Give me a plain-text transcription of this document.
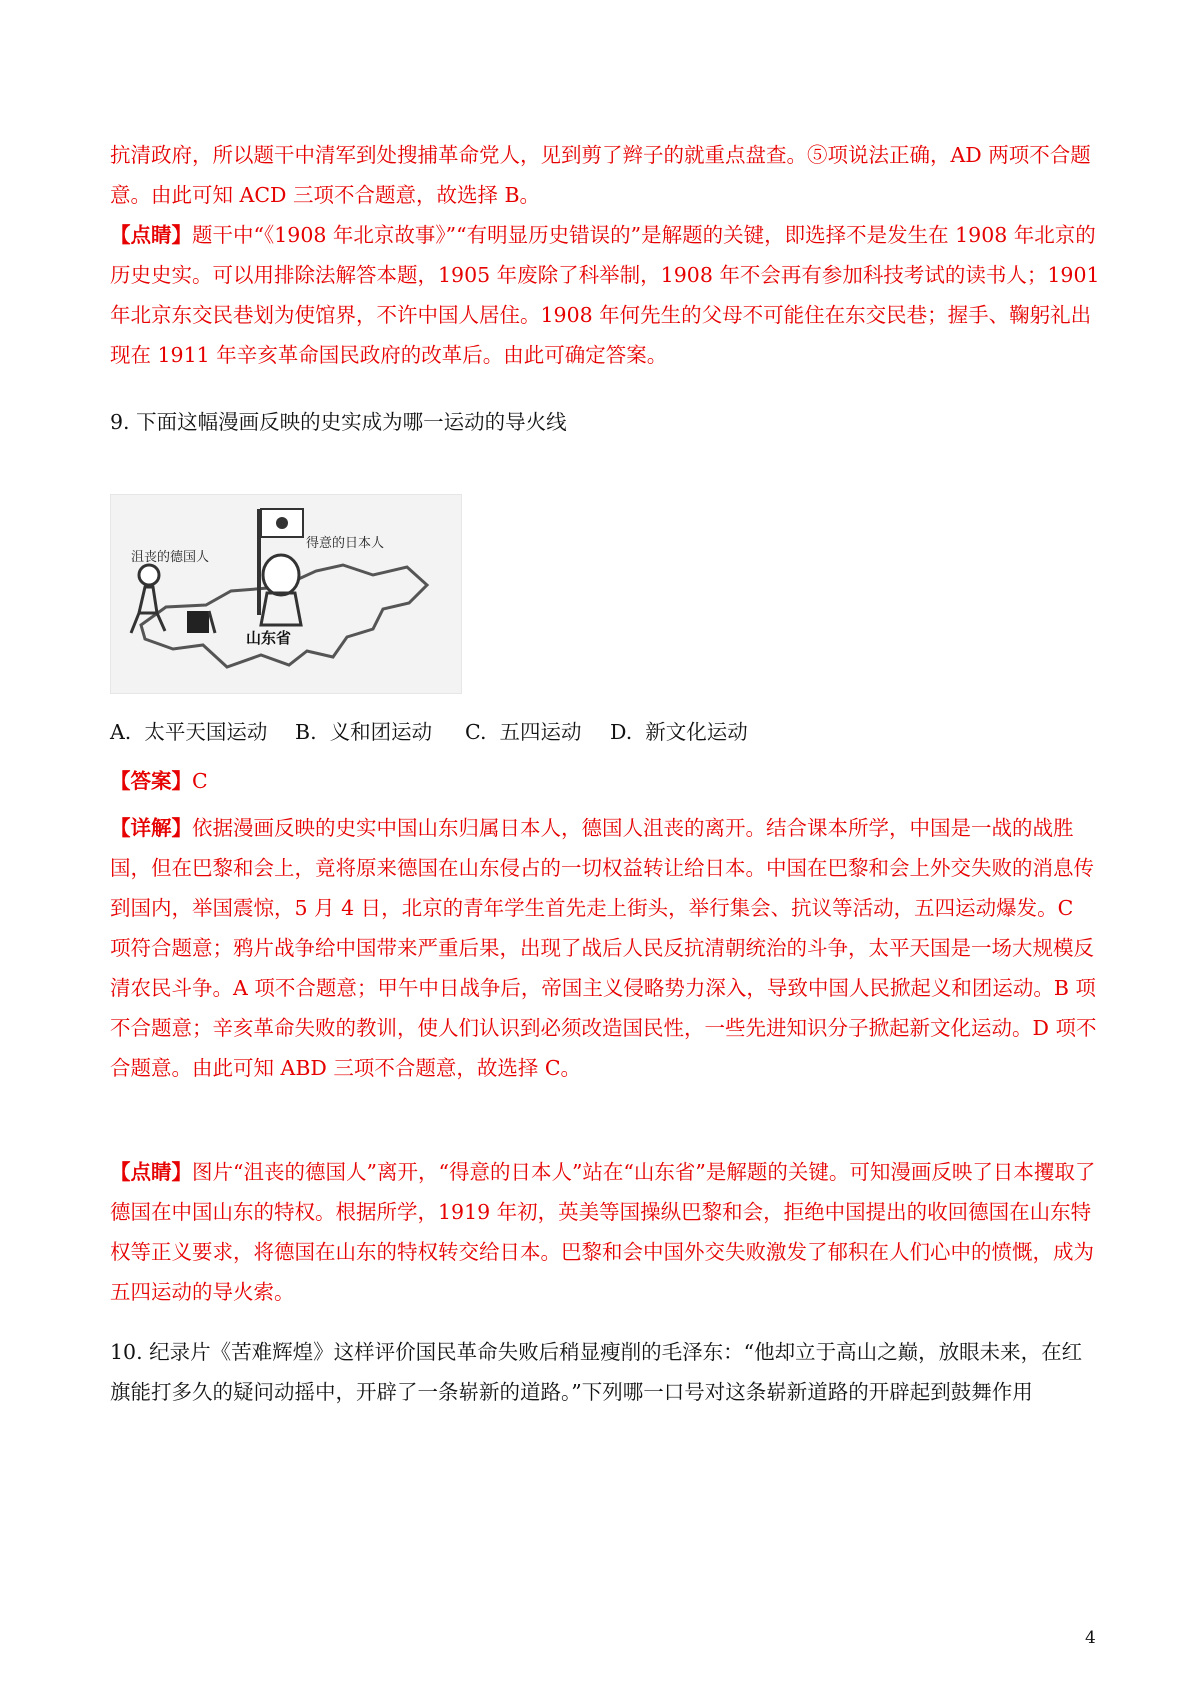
抗清政府，所以题干中清军到处搜捕革命党人，见到剪了辫子的就重点盘查。⑤项说法正确，AD 两项不合题意。由此可知 ACD 三项不合题意，故选择 B。

【点睛】题干中“《1908 年北京故事》”“有明显历史错误的”是解题的关键，即选择不是发生在 1908 年北京的历史史实。可以用排除法解答本题，1905 年废除了科举制，1908 年不会再有参加科技考试的读书人；1901 年北京东交民巷划为使馆界，不许中国人居住。1908 年何先生的父母不可能住在东交民巷；握手、鞠躬礼出现在 1911 年辛亥革命国民政府的改革后。由此可确定答案。

9. 下面这幅漫画反映的史实成为哪一运动的导火线

沮丧的德国人
得意的日本人
山东省
A. 太平天国运动 B. 义和团运动 C. 五四运动 D. 新文化运动

【答案】C

【详解】依据漫画反映的史实中国山东归属日本人，德国人沮丧的离开。结合课本所学，中国是一战的战胜国，但在巴黎和会上，竟将原来德国在山东侵占的一切权益转让给日本。中国在巴黎和会上外交失败的消息传到国内，举国震惊，5 月 4 日，北京的青年学生首先走上街头，举行集会、抗议等活动，五四运动爆发。C 项符合题意；鸦片战争给中国带来严重后果，出现了战后人民反抗清朝统治的斗争，太平天国是一场大规模反清农民斗争。A 项不合题意；甲午中日战争后，帝国主义侵略势力深入，导致中国人民掀起义和团运动。B 项不合题意；辛亥革命失败的教训，使人们认识到必须改造国民性，一些先进知识分子掀起新文化运动。D 项不合题意。由此可知 ABD 三项不合题意，故选择 C。

【点睛】图片“沮丧的德国人”离开，“得意的日本人”站在“山东省”是解题的关键。可知漫画反映了日本攫取了德国在中国山东的特权。根据所学，1919 年初，英美等国操纵巴黎和会，拒绝中国提出的收回德国在山东特权等正义要求，将德国在山东的特权转交给日本。巴黎和会中国外交失败激发了郁积在人们心中的愤慨，成为五四运动的导火索。

10. 纪录片《苦难辉煌》这样评价国民革命失败后稍显瘦削的毛泽东：“他却立于高山之巅，放眼未来，在红旗能打多久的疑问动摇中，开辟了一条崭新的道路。”下列哪一口号对这条崭新道路的开辟起到鼓舞作用

4
